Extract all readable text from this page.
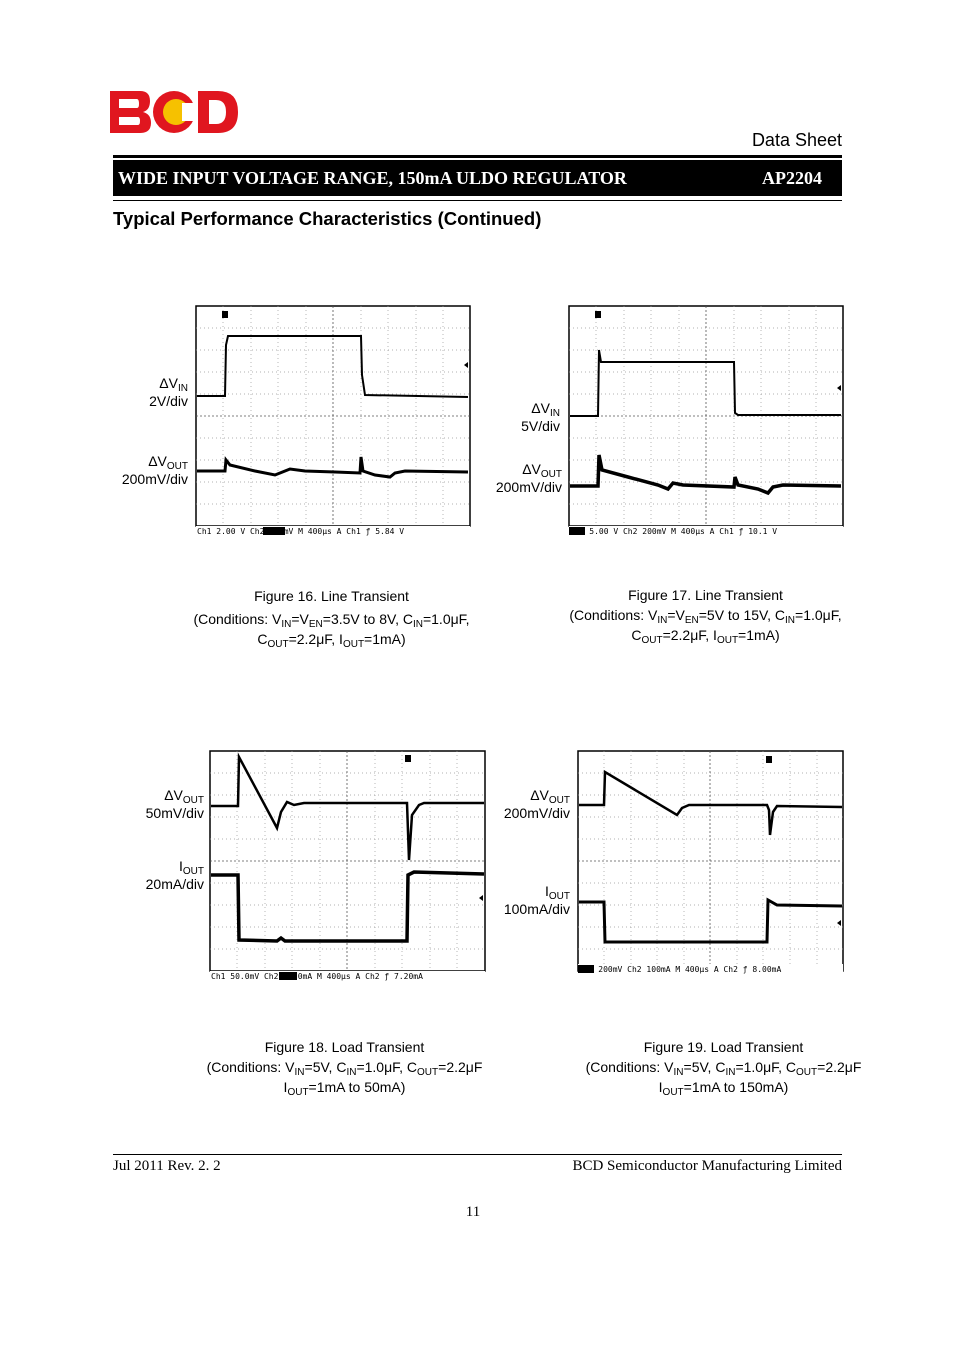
Data Sheet
WIDE INPUT VOLTAGE RANGE, 150mA ULDO REGULATOR	AP2204
Typical Performance Characteristics (Continued)
$\Delta V_{IN}$
2V/div
$\Delta V_{OUT}$
200mV/div
Ch1 2.00 V Ch2 200mV M 400μs A Ch1 ƒ 5.84 V
Figure 16. Line Transient
(Conditions: $V_{IN}=V_{EN}=3.5V$ to 8V, $C_{IN}=1.0\mu F$,
$C_{OUT}=2.2\mu F$, $I_{OUT}=1mA$)
$\Delta V_{IN}$
5V/div
$\Delta V_{OUT}$
200mV/div
Ch1 5.00 V Ch2 200mV M 400μs A Ch1 ƒ 10.1 V
Figure 17. Line Transient
(Conditions: $V_{IN}=V_{EN}=5V$ to 15V, $C_{IN}=1.0\mu F$,
$C_{OUT}=2.2\mu F$, $I_{OUT}=1mA$)
$\Delta V_{OUT}$
50mV/div
$I_{OUT}$
20mA/div
Ch1 50.0mV Ch2 20.0mA M 400μs A Ch2 ƒ 7.20mA
Figure 18. Load Transient
(Conditions: $V_{IN}=5V$, $C_{IN}=1.0\mu F$, $C_{OUT}=2.2\mu F$
$I_{OUT}=1mA$ to 50mA)
$\Delta V_{OUT}$
200mV/div
$I_{OUT}$
100mA/div
Ch1 200mV Ch2 100mA M 400μs A Ch2 ƒ 8.00mA
Figure 19. Load Transient
(Conditions: $V_{IN}=5V$, $C_{IN}=1.0\mu F$, $C_{OUT}=2.2\mu F$
$I_{OUT}=1mA$ to 150mA)
Jul 2011 Rev. 2. 2	BCD Semiconductor Manufacturing Limited
11
